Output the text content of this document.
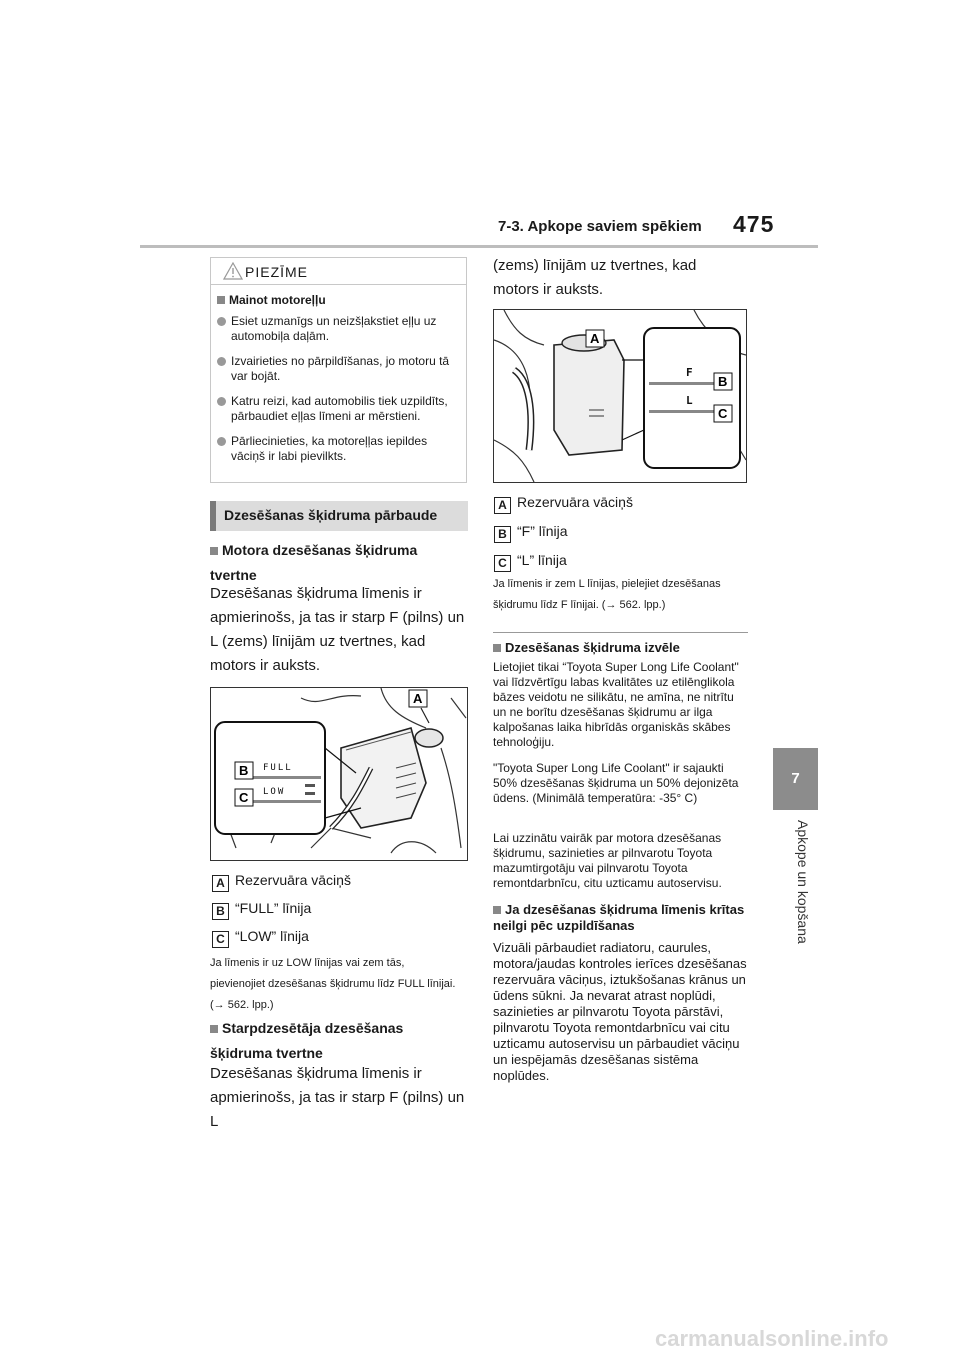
7-3. Apkope saviem spēkiem 475
7
Apkope un kopšana
PIEZĪME
Mainot motoreļļu
Esiet uzmanīgs un neizšļakstiet eļļu uz automobiļa daļām.
Izvairieties no pārpildīšanas, jo motoru tā var bojāt.
Katru reizi, kad automobilis tiek uzpildīts, pārbaudiet eļļas līmeni ar mērstieni.
Pārliecinieties, ka motoreļļas iepildes vāciņš ir labi pievilkts.
Dzesēšanas šķidruma pārbaude
Motora dzesēšanas šķidruma tvertne
Dzesēšanas šķidruma līmenis ir apmierinošs, ja tas ir starp F (pilns) un L (zems) līnijām uz tvertnes, kad motors ir auksts.
FULL
LOW
A
B
C
A Rezervuāra vāciņš
B “FULL” līnija
C “LOW” līnija
Ja līmenis ir uz LOW līnijas vai zem tās, pievienojiet dzesēšanas šķidrumu līdz FULL līnijai. (→ 562. lpp.)
Starpdzesētāja dzesēšanas šķidruma tvertne
Dzesēšanas šķidruma līmenis ir apmierinošs, ja tas ir starp F (pilns) un L
(zems) līnijām uz tvertnes, kad motors ir auksts.
F
L
A
B
C
A Rezervuāra vāciņš
B “F” līnija
C “L” līnija
Ja līmenis ir zem L līnijas, pielejiet dzesēšanas šķidrumu līdz F līnijai. (→ 562. lpp.)
Dzesēšanas šķidruma izvēle
Lietojiet tikai “Toyota Super Long Life Coolant" vai līdzvērtīgu labas kvalitātes uz etilēnglikola bāzes veidotu ne silikātu, ne amīna, ne nitrītu un ne borītu dzesēšanas šķidrumu ar ilga kalpošanas laika hibrīdās organiskās skābes tehnoloģiju.
"Toyota Super Long Life Coolant" ir sajaukti 50% dzesēšanas šķidruma un 50% dejonizēta ūdens. (Minimālā temperatūra: -35° C)
Lai uzzinātu vairāk par motora dzesēšanas šķidrumu, sazinieties ar pilnvarotu Toyota mazumtirgotāju vai pilnvarotu Toyota remontdarbnīcu, citu uzticamu autoservisu.
Ja dzesēšanas šķidruma līmenis krītas neilgi pēc uzpildīšanas
Vizuāli pārbaudiet radiatoru, caurules, motora/jaudas kontroles ierīces dzesēšanas rezervuāra vāciņus, iztukšošanas krānus un ūdens sūkni. Ja nevarat atrast noplūdi, sazinieties ar pilnvarotu Toyota pārstāvi, pilnvarotu Toyota remontdarbnīcu vai citu uzticamu autoservisu un pārbaudiet vāciņu un iespējamās dzesēšanas sistēma noplūdes.
carmanualsonline.info
